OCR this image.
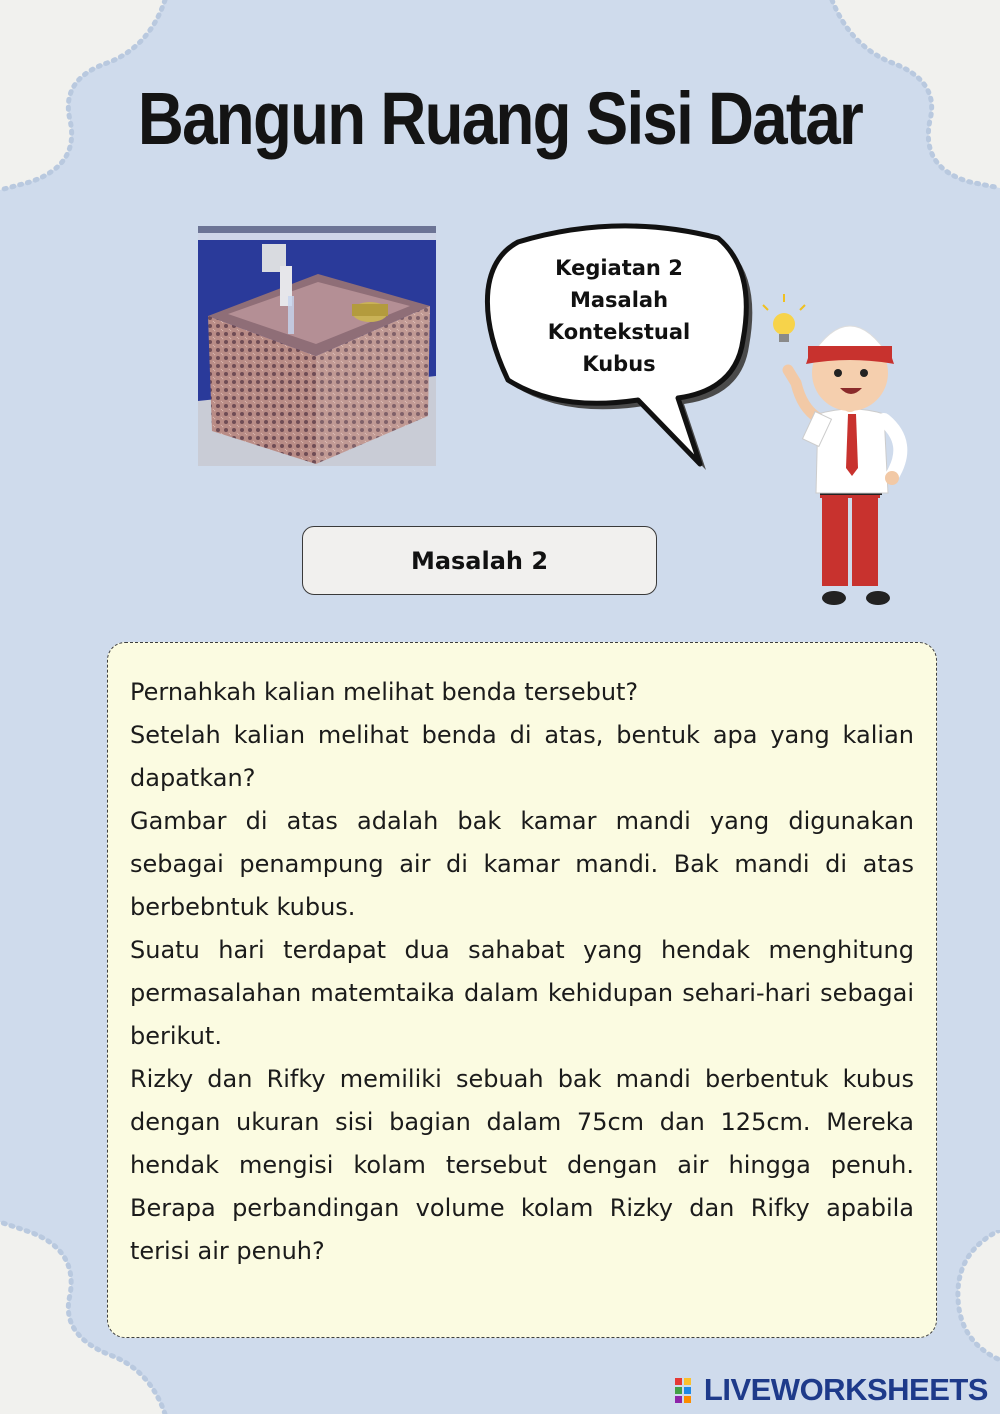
Bangun Ruang Sisi Datar
Kegiatan 2
Masalah
Kontekstual
Kubus
Masalah 2

Pernahkah kalian melihat benda tersebut?

Setelah kalian melihat benda di atas, bentuk apa yang kalian dapatkan?

Gambar di atas adalah bak kamar mandi yang digunakan sebagai penampung air di kamar mandi. Bak mandi di atas berbebntuk kubus.

Suatu hari terdapat dua sahabat yang hendak menghitung permasalahan matemtaika dalam kehidupan sehari-hari sebagai berikut.

Rizky dan Rifky memiliki sebuah bak mandi berbentuk kubus dengan ukuran sisi bagian dalam 75cm dan 125cm. Mereka hendak mengisi kolam tersebut dengan air hingga penuh. Berapa perbandingan volume kolam Rizky dan Rifky apabila terisi air penuh?

LIVEWORKSHEETS
